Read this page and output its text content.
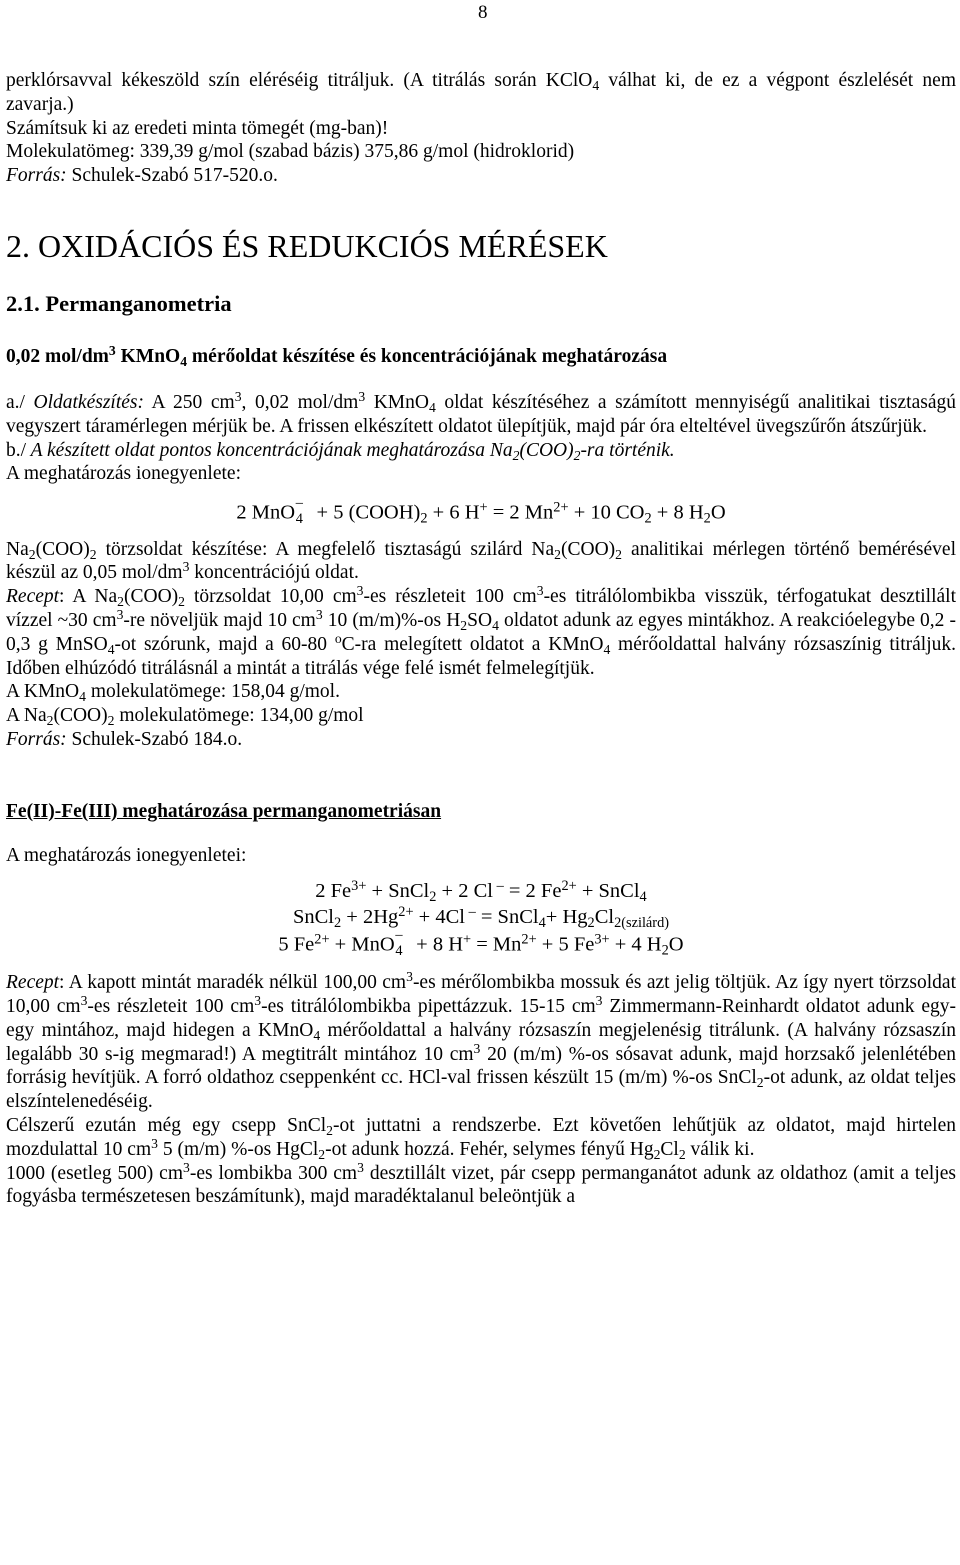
8

perklórsavval kékeszöld szín eléréséig titráljuk. (A titrálás során KClO$_4$ válhat ki, de ez a végpont észlelését nem zavarja.)

Számítsuk ki az eredeti minta tömegét (mg-ban)!

Molekulatömeg: 339,39 g/mol (szabad bázis) 375,86 g/mol (hidroklorid)

Forrás: Schulek-Szabó 517-520.o.

2. OXIDÁCIÓS ÉS REDUKCIÓS MÉRÉSEK
2.1. Permanganometria
0,02 mol/$dm^3$ KMnO$_4$ mérőoldat készítése és koncentrációjának meghatározása

a./ Oldatkészítés: A 250 $cm^3$, 0,02 mol/$dm^3$ KMnO$_4$ oldat készítéséhez a számított mennyiségű analitikai tisztaságú vegyszert táramérlegen mérjük be. A frissen elkészített oldatot ülepítjük, majd pár óra elteltével üvegszűrőn átszűrjük.

b./ A készített oldat pontos koncentrációjának meghatározása $Na_2(COO)_2-ra$ történik.

A meghatározás ionegyenlete:

2 MnO –
4 + 5 $(COOH)_2 + 6$ H+ = 2 $Mn^{2+} + 10$ $CO_2 + 8$ $H_2O$

$Na_2(COO)_2$ törzsoldat készítése: A megfelelő tisztaságú szilárd $Na_2(COO)_2$ analitikai mérlegen történő bemérésével készül az 0,05 mol/$dm^3$ koncentrációjú oldat.

Recept: A $Na_2(COO)_2$ törzsoldat 10,00 $cm^3-es$ részleteit 100 $cm^3-es$ titrálólombikba visszük, térfogatukat desztillált vízzel ~30 $cm^3-re$ növeljük majd 10 $cm^3$ 10 (m/m)%-os $H_2SO_4$ oldatot adunk az egyes mintákhoz. A reakcióelegybe 0,2 - 0,3 g MnSO$_4$-ot szórunk, majd a 60-80 $^o$C-ra melegített oldatot a KMnO$_4$ mérőoldattal halvány rózsaszínig titráljuk. Időben elhúzódó titrálásnál a mintát a titrálás vége felé ismét felmelegítjük.

A KMnO$_4$ molekulatömege: 158,04 g/mol.

A $Na_2(COO)_2$ molekulatömege: 134,00 g/mol

Forrás: Schulek-Szabó 184.o.

Fe(II)-Fe(III) meghatározása permanganometriásan

A meghatározás ionegyenletei:

2 $Fe^{3+}$ + SnCl$_2$ + 2 Cl – = 2 $Fe^{2+}$ + SnCl$_4$
SnCl$_2$ + $2Hg^{2+} + 4Cl$ – = SnCl$_4$+ $Hg_2Cl_{2(szilárd)}$
5 $Fe^{2+}$ + MnO –
4 + 8 $H^+ = Mn^{2+} + 5$ $Fe^{3+} + 4$ $H_2O$

Recept: A kapott mintát maradék nélkül 100,00 $cm^3-es$ mérőlombikba mossuk és azt jelig töltjük. Az így nyert törzsoldat 10,00 $cm^3-es$ részleteit 100 $cm^3-es$ titrálólombikba pipettázzuk. 15-15 $cm^3$ Zimmermann-Reinhardt oldatot adunk egy-egy mintához, majd hidegen a KMnO$_4$ mérőoldattal a halvány rózsaszín megjelenésig titrálunk. (A halvány rózsaszín legalább 30 s-ig megmarad!) A megtitrált mintához 10 $cm^3$ 20 (m/m) %-os sósavat adunk, majd horzsakő jelenlétében forrásig hevítjük. A forró oldathoz cseppenként cc. HCl-val frissen készült 15 (m/m) %-os SnCl$_2$-ot adunk, az oldat teljes elszíntelenedéséig.

Célszerű ezután még egy csepp SnCl$_2$-ot juttatni a rendszerbe. Ezt követően lehűtjük az oldatot, majd hirtelen mozdulattal 10 $cm^3$ 5 (m/m) %-os HgCl$_2$-ot adunk hozzá. Fehér, selymes fényű $Hg_2Cl_2$ válik ki.

1000 (esetleg 500) $cm^3-es$ lombikba 300 $cm^3$ desztillált vizet, pár csepp permanganátot adunk az oldathoz (amit a teljes fogyásba természetesen beszámítunk), majd maradéktalanul beleöntjük a
